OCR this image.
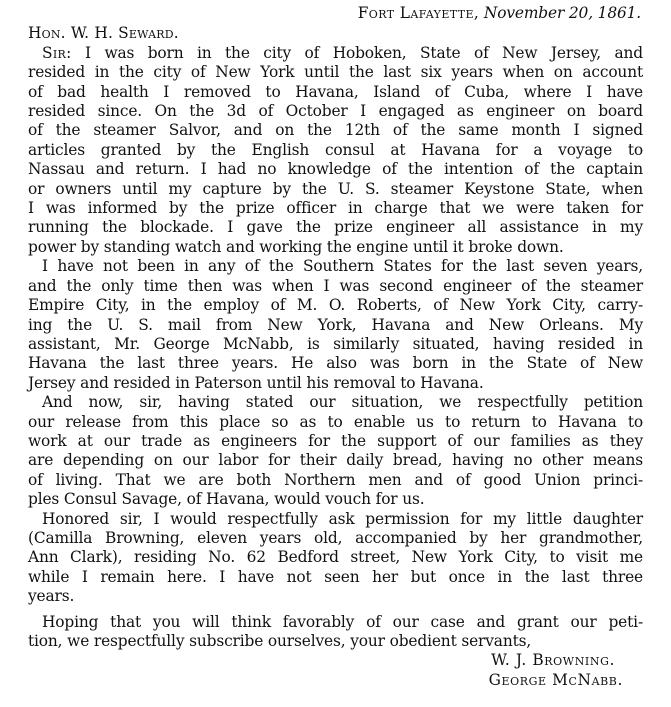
Fort Lafayette, November 20, 1861.
Hon. W. H. Seward.
Sir: I was born in the city of Hoboken, State of New Jersey, and
resided in the city of New York until the last six years when on account
of bad health I removed to Havana, Island of Cuba, where I have
resided since. On the 3d of October I engaged as engineer on board
of the steamer Salvor, and on the 12th of the same month I signed
articles granted by the English consul at Havana for a voyage to
Nassau and return. I had no knowledge of the intention of the captain
or owners until my capture by the U. S. steamer Keystone State, when
I was informed by the prize officer in charge that we were taken for
running the blockade. I gave the prize engineer all assistance in my
power by standing watch and working the engine until it broke down.
I have not been in any of the Southern States for the last seven years,
and the only time then was when I was second engineer of the steamer
Empire City, in the employ of M. O. Roberts, of New York City, carry-
ing the U. S. mail from New York, Havana and New Orleans. My
assistant, Mr. George McNabb, is similarly situated, having resided in
Havana the last three years. He also was born in the State of New
Jersey and resided in Paterson until his removal to Havana.
And now, sir, having stated our situation, we respectfully petition
our release from this place so as to enable us to return to Havana to
work at our trade as engineers for the support of our families as they
are depending on our labor for their daily bread, having no other means
of living. That we are both Northern men and of good Union princi-
ples Consul Savage, of Havana, would vouch for us.
Honored sir, I would respectfully ask permission for my little daughter
(Camilla Browning, eleven years old, accompanied by her grandmother,
Ann Clark), residing No. 62 Bedford street, New York City, to visit me
while I remain here. I have not seen her but once in the last three
years.
Hoping that you will think favorably of our case and grant our peti-
tion, we respectfully subscribe ourselves, your obedient servants,
W. J. Browning.
George McNabb.
